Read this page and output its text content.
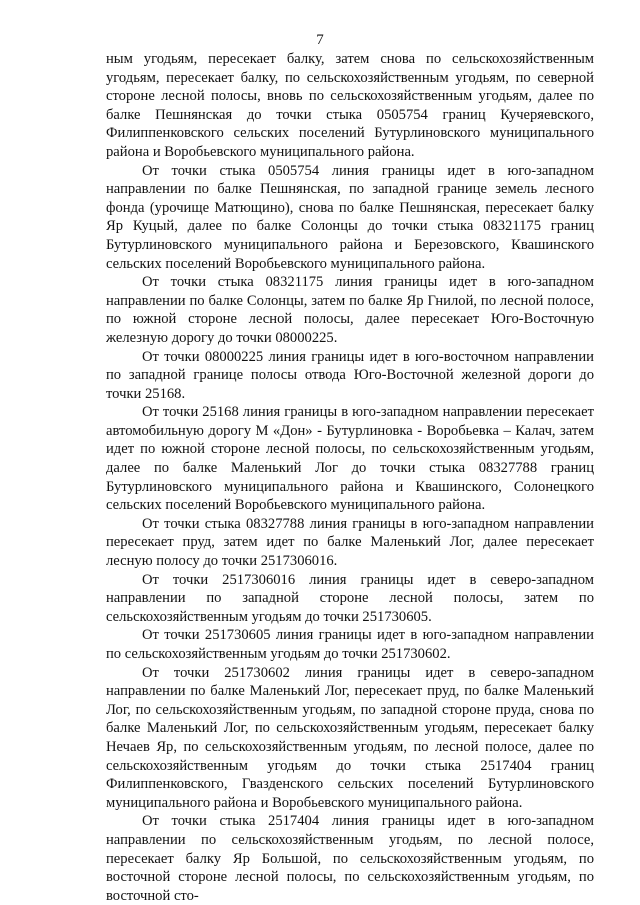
7

ным угодьям, пересекает балку, затем снова по сельскохозяйственным угодьям, пересекает балку, по сельскохозяйственным угодьям, по северной стороне лесной полосы, вновь по сельскохозяйственным угодьям, далее по балке Пешнянская до точки стыка 0505754 границ Кучеряевского, Филиппенковского сельских поселений Бутурлиновского муниципального района и Воробьевского муниципального района.

От точки стыка 0505754 линия границы идет в юго-западном направлении по балке Пешнянская, по западной границе земель лесного фонда (урочище Матющино), снова по балке Пешнянская, пересекает балку Яр Куцый, далее по балке Солонцы до точки стыка 08321175 границ Бутурлиновского муниципального района и Березовского, Квашинского сельских поселений Воробьевского муниципального района.

От точки стыка 08321175 линия границы идет в юго-западном направлении по балке Солонцы, затем по балке Яр Гнилой, по лесной полосе, по южной стороне лесной полосы, далее пересекает Юго-Восточную железную дорогу до точки 08000225.

От точки 08000225 линия границы идет в юго-восточном направлении по западной границе полосы отвода Юго-Восточной железной дороги до точки 25168.

От точки 25168 линия границы в юго-западном направлении пересекает автомобильную дорогу М «Дон» - Бутурлиновка - Воробьевка – Калач, затем идет по южной стороне лесной полосы, по сельскохозяйственным угодьям, далее по балке Маленький Лог до точки стыка 08327788 границ Бутурлиновского муниципального района и Квашинского, Солонецкого сельских поселений Воробьевского муниципального района.

От точки стыка 08327788 линия границы в юго-западном направлении пересекает пруд, затем идет по балке Маленький Лог, далее пересекает лесную полосу до точки 2517306016.

От точки 2517306016 линия границы идет в северо-западном направлении по западной стороне лесной полосы, затем по сельскохозяйственным угодьям до точки 251730605.

От точки 251730605 линия границы идет в юго-западном направлении по сельскохозяйственным угодьям до точки 251730602.

От точки 251730602 линия границы идет в северо-западном направлении по балке Маленький Лог, пересекает пруд, по балке Маленький Лог, по сельскохозяйственным угодьям, по западной стороне пруда, снова по балке Маленький Лог, по сельскохозяйственным угодьям, пересекает балку Нечаев Яр, по сельскохозяйственным угодьям, по лесной полосе, далее по сельскохозяйственным угодьям до точки стыка 2517404 границ Филиппенковского, Гвазденского сельских поселений Бутурлиновского муниципального района и Воробьевского муниципального района.

От точки стыка 2517404 линия границы идет в юго-западном направлении по сельскохозяйственным угодьям, по лесной полосе, пересекает балку Яр Большой, по сельскохозяйственным угодьям, по восточной стороне лесной полосы, по сельскохозяйственным угодьям, по восточной сто-
